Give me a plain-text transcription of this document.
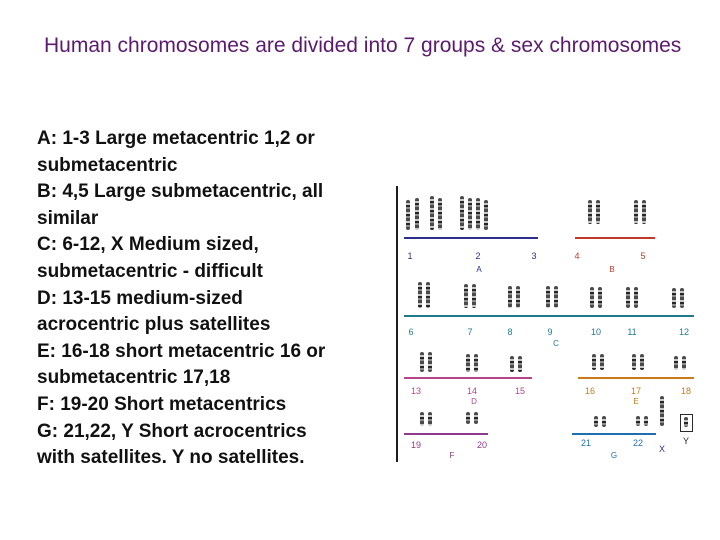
Human chromosomes are divided into 7 groups & sex chromosomes
A: 1-3 Large metacentric 1,2 or
submetacentric
B: 4,5 Large submetacentric, all
similar
C: 6-12, X Medium sized,
submetacentric - difficult
D: 13-15 medium-sized
acrocentric plus satellites
E: 16-18 short metacentric 16 or
submetacentric 17,18
F: 19-20 Short metacentrics
G: 21,22, Y Short acrocentrics
with satellites. Y no satellites.
1	2	3	4	5
A	B
6	7	8	9	10	11	12
C
13	14	15	16	17	18
D	E
19	20	21	22
X
Y
F	G
